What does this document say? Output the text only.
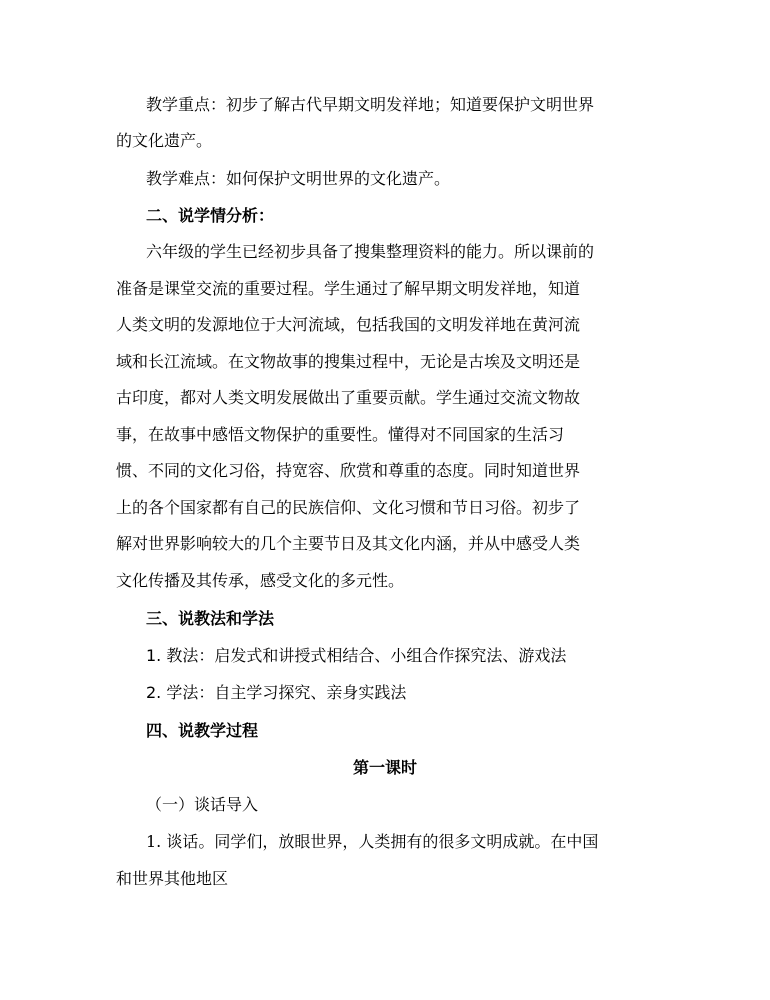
教学重点：初步了解古代早期文明发祥地；知道要保护文明世界
的文化遗产。
教学难点：如何保护文明世界的文化遗产。
二、说学情分析：
六年级的学生已经初步具备了搜集整理资料的能力。所以课前的
准备是课堂交流的重要过程。学生通过了解早期文明发祥地，知道
人类文明的发源地位于大河流域，包括我国的文明发祥地在黄河流
域和长江流域。在文物故事的搜集过程中，无论是古埃及文明还是
古印度，都对人类文明发展做出了重要贡献。学生通过交流文物故
事，在故事中感悟文物保护的重要性。懂得对不同国家的生活习
惯、不同的文化习俗，持宽容、欣赏和尊重的态度。同时知道世界
上的各个国家都有自己的民族信仰、文化习惯和节日习俗。初步了
解对世界影响较大的几个主要节日及其文化内涵，并从中感受人类
文化传播及其传承，感受文化的多元性。
三、说教法和学法
1. 教法：启发式和讲授式相结合、小组合作探究法、游戏法
2. 学法：自主学习探究、亲身实践法
四、说教学过程
第一课时
（一）谈话导入
1. 谈话。同学们，放眼世界，人类拥有的很多文明成就。在中国
和世界其他地区
